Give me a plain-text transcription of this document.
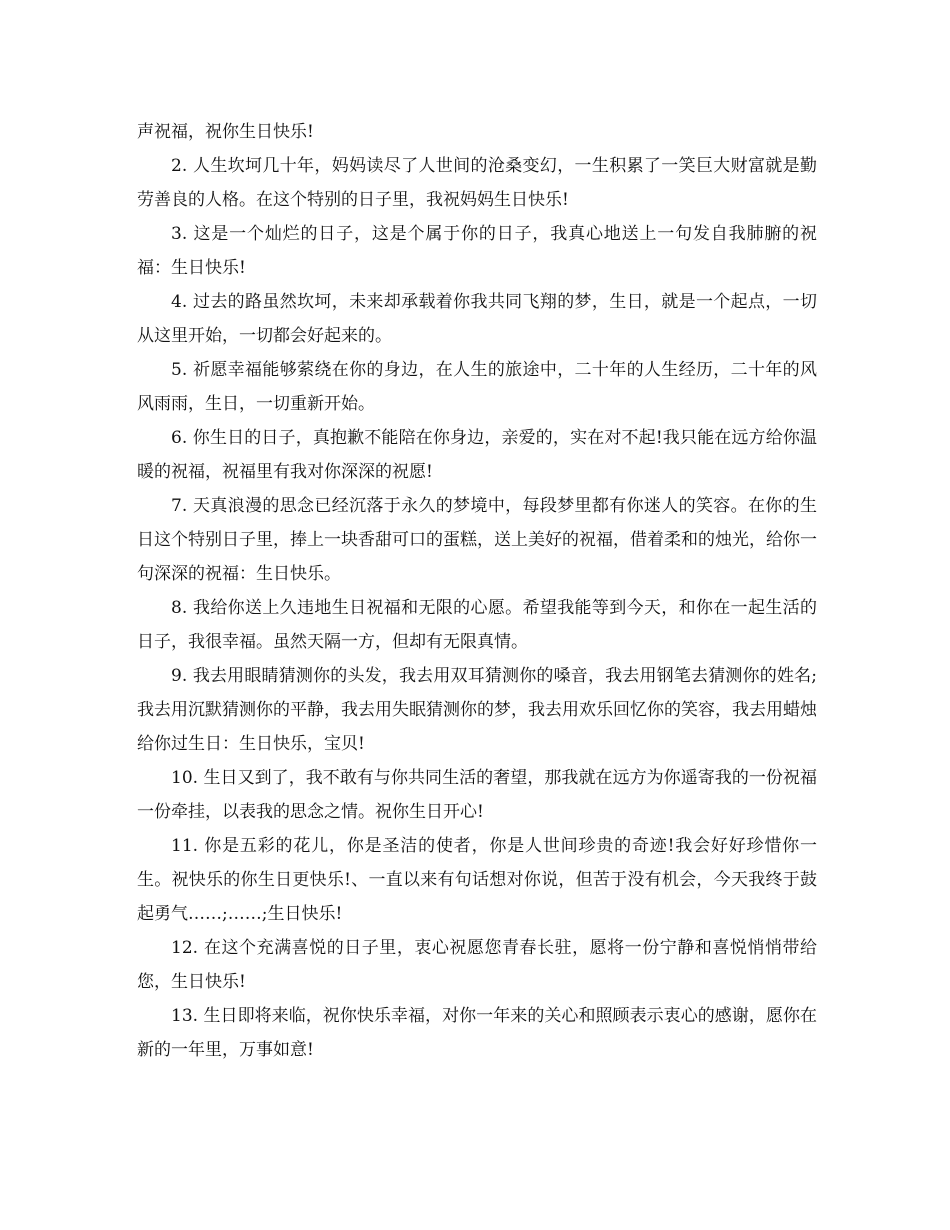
声祝福，祝你生日快乐!

2. 人生坎坷几十年，妈妈读尽了人世间的沧桑变幻，一生积累了一笑巨大财富就是勤劳善良的人格。在这个特别的日子里，我祝妈妈生日快乐!

3. 这是一个灿烂的日子，这是个属于你的日子，我真心地送上一句发自我肺腑的祝福：生日快乐!

4. 过去的路虽然坎坷，未来却承载着你我共同飞翔的梦，生日，就是一个起点，一切从这里开始，一切都会好起来的。

5. 祈愿幸福能够萦绕在你的身边，在人生的旅途中，二十年的人生经历，二十年的风风雨雨，生日，一切重新开始。

6. 你生日的日子，真抱歉不能陪在你身边，亲爱的，实在对不起!我只能在远方给你温暖的祝福，祝福里有我对你深深的祝愿!

7. 天真浪漫的思念已经沉落于永久的梦境中，每段梦里都有你迷人的笑容。在你的生日这个特别日子里，捧上一块香甜可口的蛋糕，送上美好的祝福，借着柔和的烛光，给你一句深深的祝福：生日快乐。

8. 我给你送上久违地生日祝福和无限的心愿。希望我能等到今天，和你在一起生活的日子，我很幸福。虽然天隔一方，但却有无限真情。

9. 我去用眼睛猜测你的头发，我去用双耳猜测你的嗓音，我去用钢笔去猜测你的姓名;我去用沉默猜测你的平静，我去用失眠猜测你的梦，我去用欢乐回忆你的笑容，我去用蜡烛给你过生日：生日快乐，宝贝!

10. 生日又到了，我不敢有与你共同生活的奢望，那我就在远方为你遥寄我的一份祝福一份牵挂，以表我的思念之情。祝你生日开心!

11. 你是五彩的花儿，你是圣洁的使者，你是人世间珍贵的奇迹!我会好好珍惜你一生。祝快乐的你生日更快乐!、一直以来有句话想对你说，但苦于没有机会，今天我终于鼓起勇气……;……;生日快乐!

12. 在这个充满喜悦的日子里，衷心祝愿您青春长驻，愿将一份宁静和喜悦悄悄带给您，生日快乐!

13. 生日即将来临，祝你快乐幸福，对你一年来的关心和照顾表示衷心的感谢，愿你在新的一年里，万事如意!
